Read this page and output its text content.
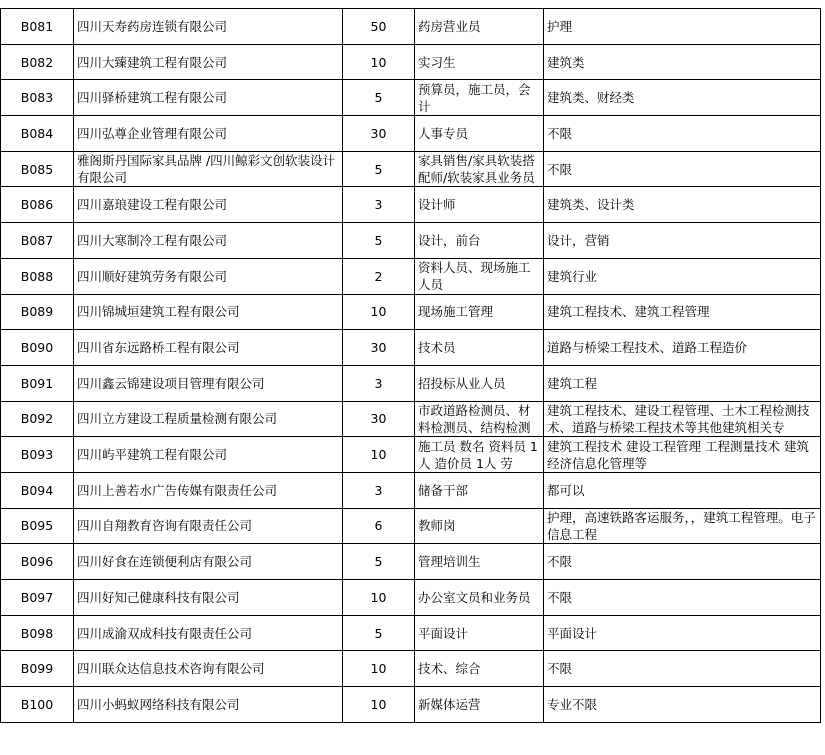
B081	四川天寿药房连锁有限公司	50	药房营业员	护理

B082	四川大臻建筑工程有限公司	10	实习生	建筑类

B083	四川驿桥建筑工程有限公司	5	预算员，施工员，会计	建筑类、财经类

B084	四川弘尊企业管理有限公司	30	人事专员	不限

B085	雅阁斯丹国际家具品牌 /四川鲸彩文创软装设计有限公司	5	家具销售/家具软装搭配师/软装家具业务员	不限

B086	四川嘉琅建设工程有限公司	3	设计师	建筑类、设计类

B087	四川大寒制冷工程有限公司	5	设计，前台	设计，营销

B088	四川顺好建筑劳务有限公司	2	资料人员、现场施工人员	建筑行业

B089	四川锦城垣建筑工程有限公司	10	现场施工管理	建筑工程技术、建筑工程管理

B090	四川省东远路桥工程有限公司	30	技术员	道路与桥梁工程技术、道路工程造价

B091	四川鑫云锦建设项目管理有限公司	3	招投标从业人员	建筑工程

B092	四川立方建设工程质量检测有限公司	30	市政道路检测员、材料检测员、结构检测	建筑工程技术、建设工程管理、土木工程检测技术、道路与桥梁工程技术等其他建筑相关专

B093	四川屿平建筑工程有限公司	10	施工员 数名 资料员 1人 造价员 1人 劳	建筑工程技术 建设工程管理 工程测量技术 建筑经济信息化管理等

B094	四川上善若水广告传媒有限责任公司	3	储备干部	都可以

B095	四川自翔教育咨询有限责任公司	6	教师岗	护理，高速铁路客运服务，，建筑工程管理。电子信息工程

B096	四川好食在连锁便利店有限公司	5	管理培训生	不限

B097	四川好知己健康科技有限公司	10	办公室文员和业务员	不限

B098	四川成渝双成科技有限责任公司	5	平面设计	平面设计

B099	四川联众达信息技术咨询有限公司	10	技术、综合	不限

B100	四川小蚂蚁网络科技有限公司	10	新媒体运营	专业不限
